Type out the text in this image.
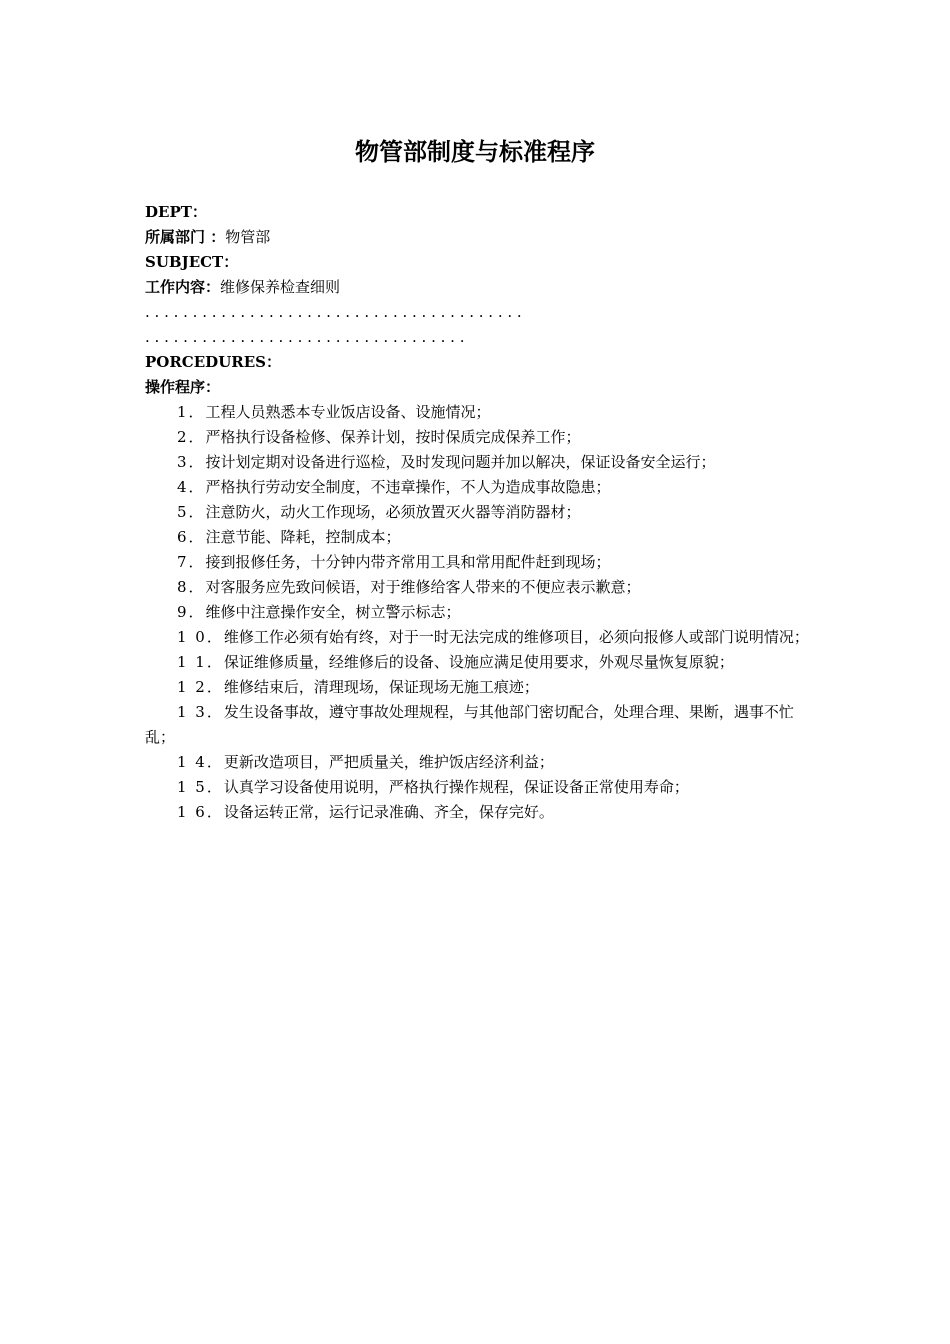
物管部制度与标准程序
DEPT：
所属部门 ：物管部
SUBJECT：
工作内容：维修保养检查细则
. . . . . . . . . . . . . . . . . . . . . . . . . . . . . . . . . . . . . . . .
. . . . . . . . . . . . . . . . . . . . . . . . . . . . . . . . . .
PORCEDURES：
操作程序：
1．工程人员熟悉本专业饭店设备、设施情况；
2．严格执行设备检修、保养计划，按时保质完成保养工作；
3．按计划定期对设备进行巡检，及时发现问题并加以解决，保证设备安全运行；
4．严格执行劳动安全制度，不违章操作，不人为造成事故隐患；
5．注意防火，动火工作现场，必须放置灭火器等消防器材；
6．注意节能、降耗，控制成本；
7．接到报修任务，十分钟内带齐常用工具和常用配件赶到现场；
8．对客服务应先致问候语，对于维修给客人带来的不便应表示歉意；
9．维修中注意操作安全，树立警示标志；
1 0．维修工作必须有始有终，对于一时无法完成的维修项目，必须向报修人或部门说明情况；
1 1．保证维修质量，经维修后的设备、设施应满足使用要求，外观尽量恢复原貌；
1 2．维修结束后，清理现场，保证现场无施工痕迹；
1 3．发生设备事故，遵守事故处理规程，与其他部门密切配合，处理合理、果断，遇事不忙乱；
1 4．更新改造项目，严把质量关，维护饭店经济利益；
1 5．认真学习设备使用说明，严格执行操作规程，保证设备正常使用寿命；
1 6．设备运转正常，运行记录准确、齐全，保存完好。
